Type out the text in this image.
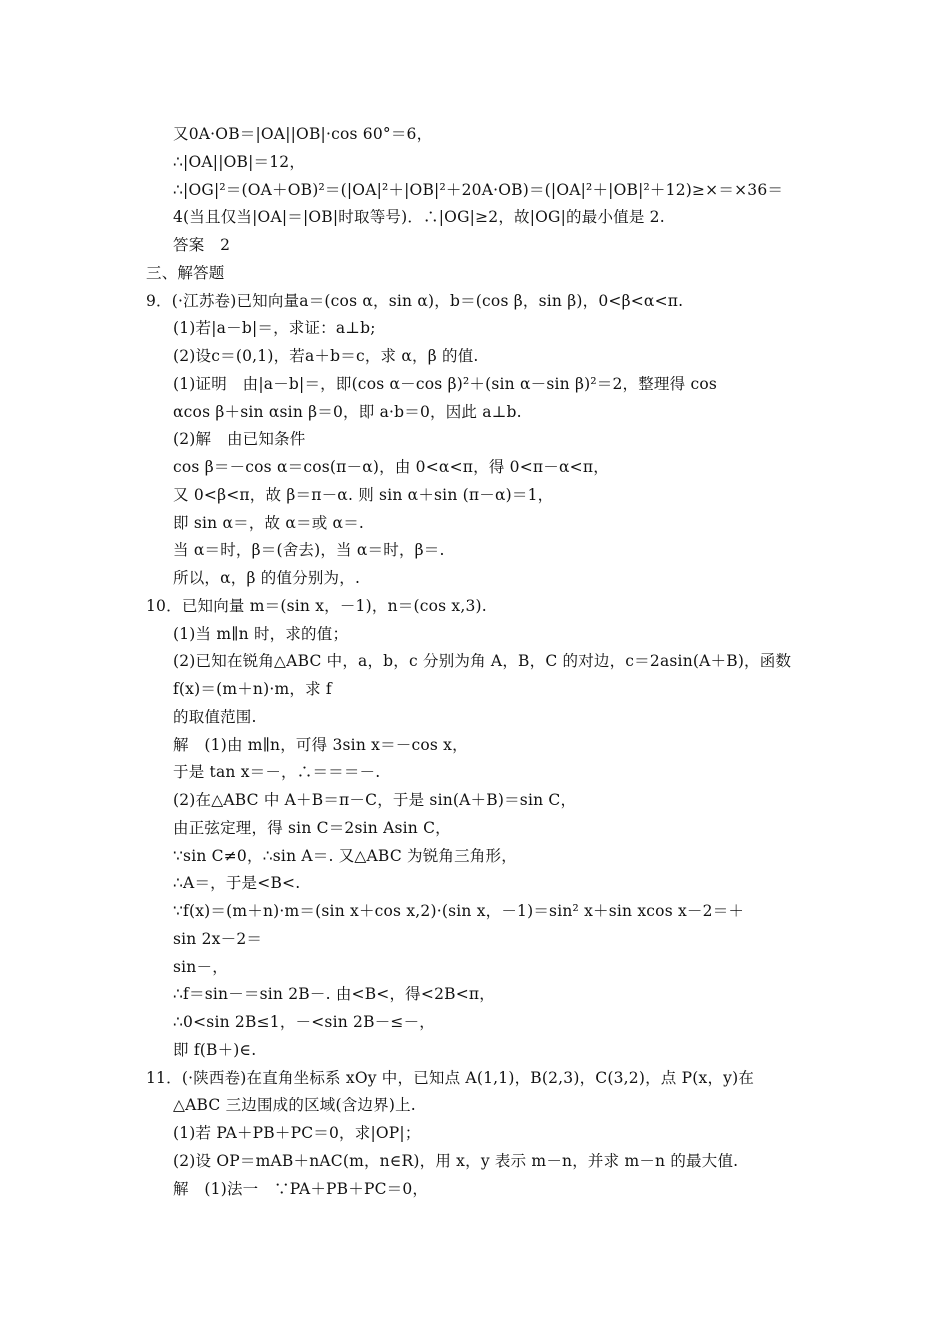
又0A·OB＝|OA||OB|·cos 60°＝6，
∴|OA||OB|＝12，
∴|OG|²＝(OA＋OB)²＝(|OA|²＋|OB|²＋20A·OB)＝(|OA|²＋|OB|²＋12)≥×＝×36＝
4(当且仅当|OA|＝|OB|时取等号)．∴|OG|≥2，故|OG|的最小值是 2.
答案　2
三、解答题
9．(·江苏卷)已知向量a＝(cos α，sin α)，b＝(cos β，sin β)，0<β<α<π.
(1)若|a－b|＝，求证：a⊥b;
(2)设c＝(0,1)，若a＋b＝c，求 α，β 的值.
(1)证明　由|a－b|＝，即(cos α－cos β)²＋(sin α－sin β)²＝2，整理得 cos
αcos β＋sin αsin β＝0，即 a·b＝0，因此 a⊥b.
(2)解　由已知条件
cos β＝－cos α＝cos(π－α)，由 0<α<π，得 0<π－α<π，
又 0<β<π，故 β＝π－α. 则 sin α＋sin (π－α)＝1，
即 sin α＝，故 α＝或 α＝.
当 α＝时，β＝(舍去)，当 α＝时，β＝.
所以，α，β 的值分别为，.
10．已知向量 m＝(sin x，－1)，n＝(cos x,3).
(1)当 m∥n 时，求的值；
(2)已知在锐角△ABC 中，a，b，c 分别为角 A，B，C 的对边，c＝2asin(A＋B)，函数
f(x)＝(m＋n)·m，求 f
的取值范围.
解　(1)由 m∥n，可得 3sin x＝－cos x，
于是 tan x＝－，∴＝＝＝－.
(2)在△ABC 中 A＋B＝π－C，于是 sin(A＋B)＝sin C，
由正弦定理，得 sin C＝2sin Asin C，
∵sin C≠0，∴sin A＝. 又△ABC 为锐角三角形，
∴A＝，于是<B<.
∵f(x)＝(m＋n)·m＝(sin x＋cos x,2)·(sin x，－1)＝sin² x＋sin xcos x－2＝＋
sin 2x－2＝
sin－，
∴f＝sin－＝sin 2B－. 由<B<，得<2B<π，
∴0<sin 2B≤1，－<sin 2B－≤－，
即 f(B＋)∈.
11．(·陕西卷)在直角坐标系 xOy 中，已知点 A(1,1)，B(2,3)，C(3,2)，点 P(x，y)在
△ABC 三边围成的区域(含边界)上.
(1)若 PA＋PB＋PC＝0，求|OP|；
(2)设 OP＝mAB＋nAC(m，n∈R)，用 x，y 表示 m－n，并求 m－n 的最大值.
解　(1)法一　∵PA＋PB＋PC＝0，
